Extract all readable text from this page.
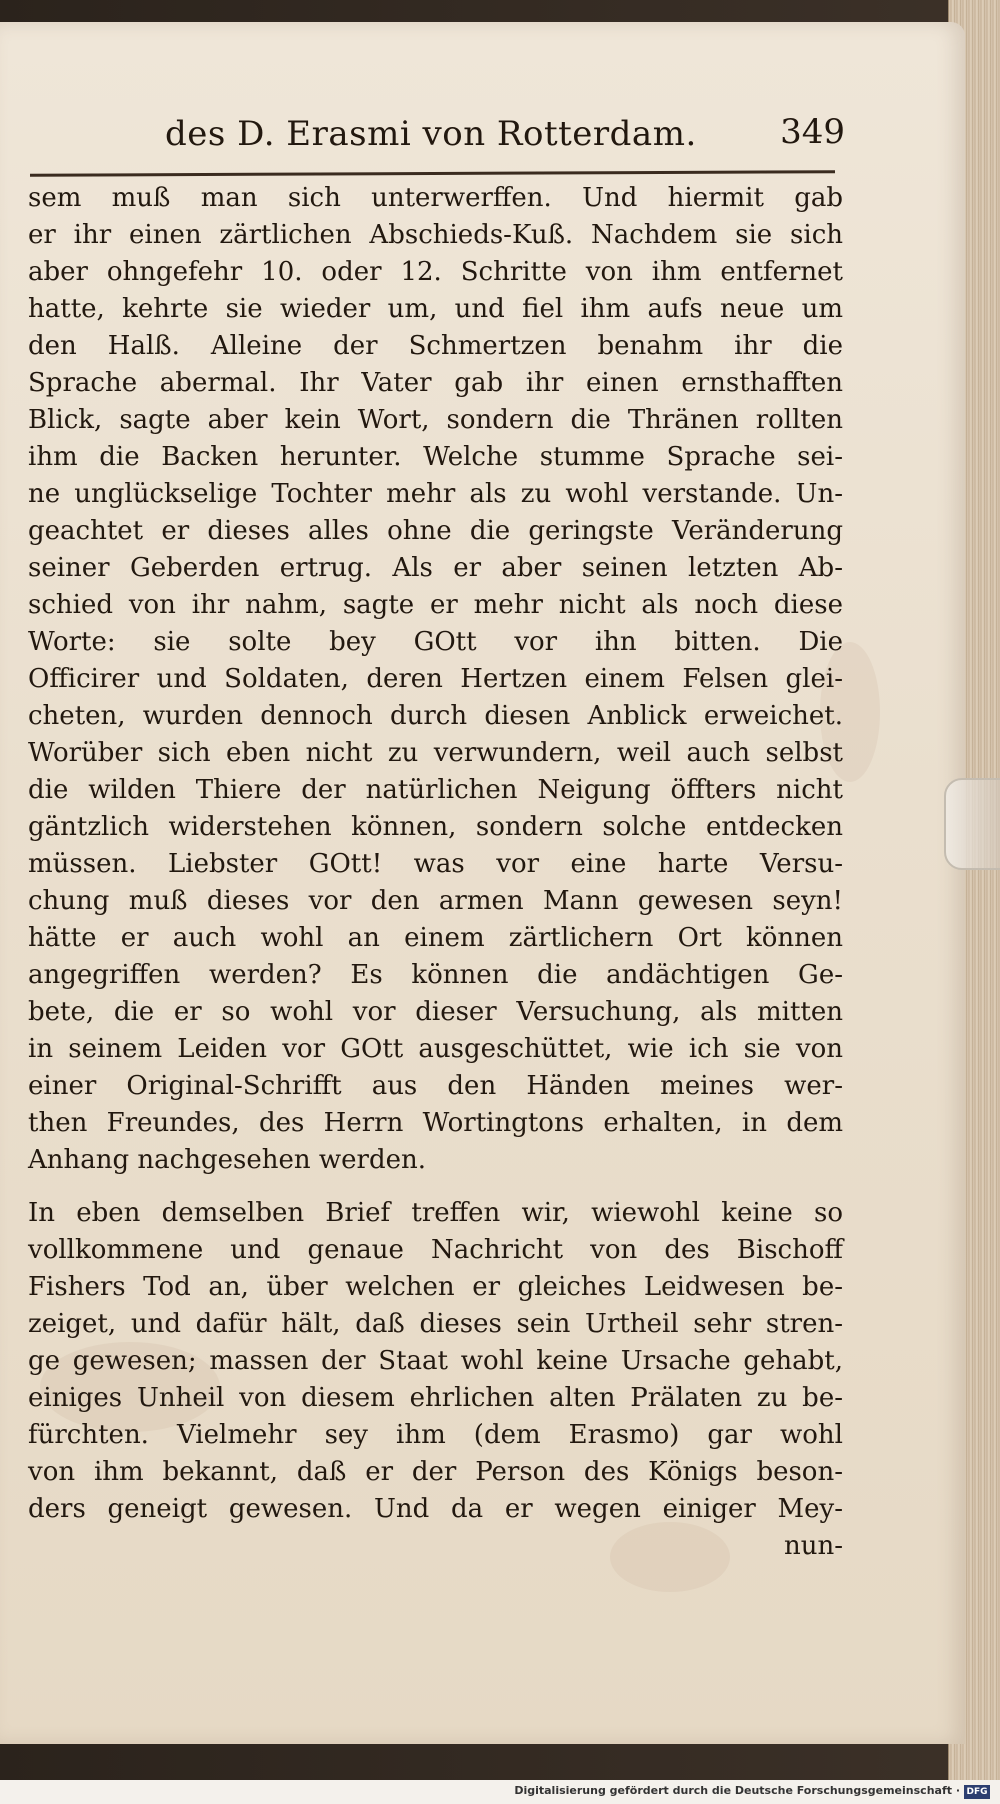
des D. Erasmi von Rotterdam. 349
sem muß man sich unterwerffen. Und hiermit gab
er ihr einen zärtlichen Abschieds-Kuß. Nachdem sie sich
aber ohngefehr 10. oder 12. Schritte von ihm entfernet
hatte, kehrte sie wieder um, und fiel ihm aufs neue um
den Halß. Alleine der Schmertzen benahm ihr die
Sprache abermal. Ihr Vater gab ihr einen ernsthafften
Blick, sagte aber kein Wort, sondern die Thränen rollten
ihm die Backen herunter. Welche stumme Sprache sei-
ne unglückselige Tochter mehr als zu wohl verstande. Un-
geachtet er dieses alles ohne die geringste Veränderung
seiner Geberden ertrug. Als er aber seinen letzten Ab-
schied von ihr nahm, sagte er mehr nicht als noch diese
Worte: sie solte bey GOtt vor ihn bitten. Die
Officirer und Soldaten, deren Hertzen einem Felsen glei-
cheten, wurden dennoch durch diesen Anblick erweichet.
Worüber sich eben nicht zu verwundern, weil auch selbst
die wilden Thiere der natürlichen Neigung öffters nicht
gäntzlich widerstehen können, sondern solche entdecken
müssen. Liebster GOtt! was vor eine harte Versu-
chung muß dieses vor den armen Mann gewesen seyn!
hätte er auch wohl an einem zärtlichern Ort können
angegriffen werden? Es können die andächtigen Ge-
bete, die er so wohl vor dieser Versuchung, als mitten
in seinem Leiden vor GOtt ausgeschüttet, wie ich sie von
einer Original-Schrifft aus den Händen meines wer-
then Freundes, des Herrn Wortingtons erhalten, in dem
Anhang nachgesehen werden.
In eben demselben Brief treffen wir, wiewohl keine so
vollkommene und genaue Nachricht von des Bischoff
Fishers Tod an, über welchen er gleiches Leidwesen be-
zeiget, und dafür hält, daß dieses sein Urtheil sehr stren-
ge gewesen; massen der Staat wohl keine Ursache gehabt,
einiges Unheil von diesem ehrlichen alten Prälaten zu be-
fürchten. Vielmehr sey ihm (dem Erasmo) gar wohl
von ihm bekannt, daß er der Person des Königs beson-
ders geneigt gewesen. Und da er wegen einiger Mey-
nun-
Digitalisierung gefördert durch die Deutsche Forschungsgemeinschaft · DFG
